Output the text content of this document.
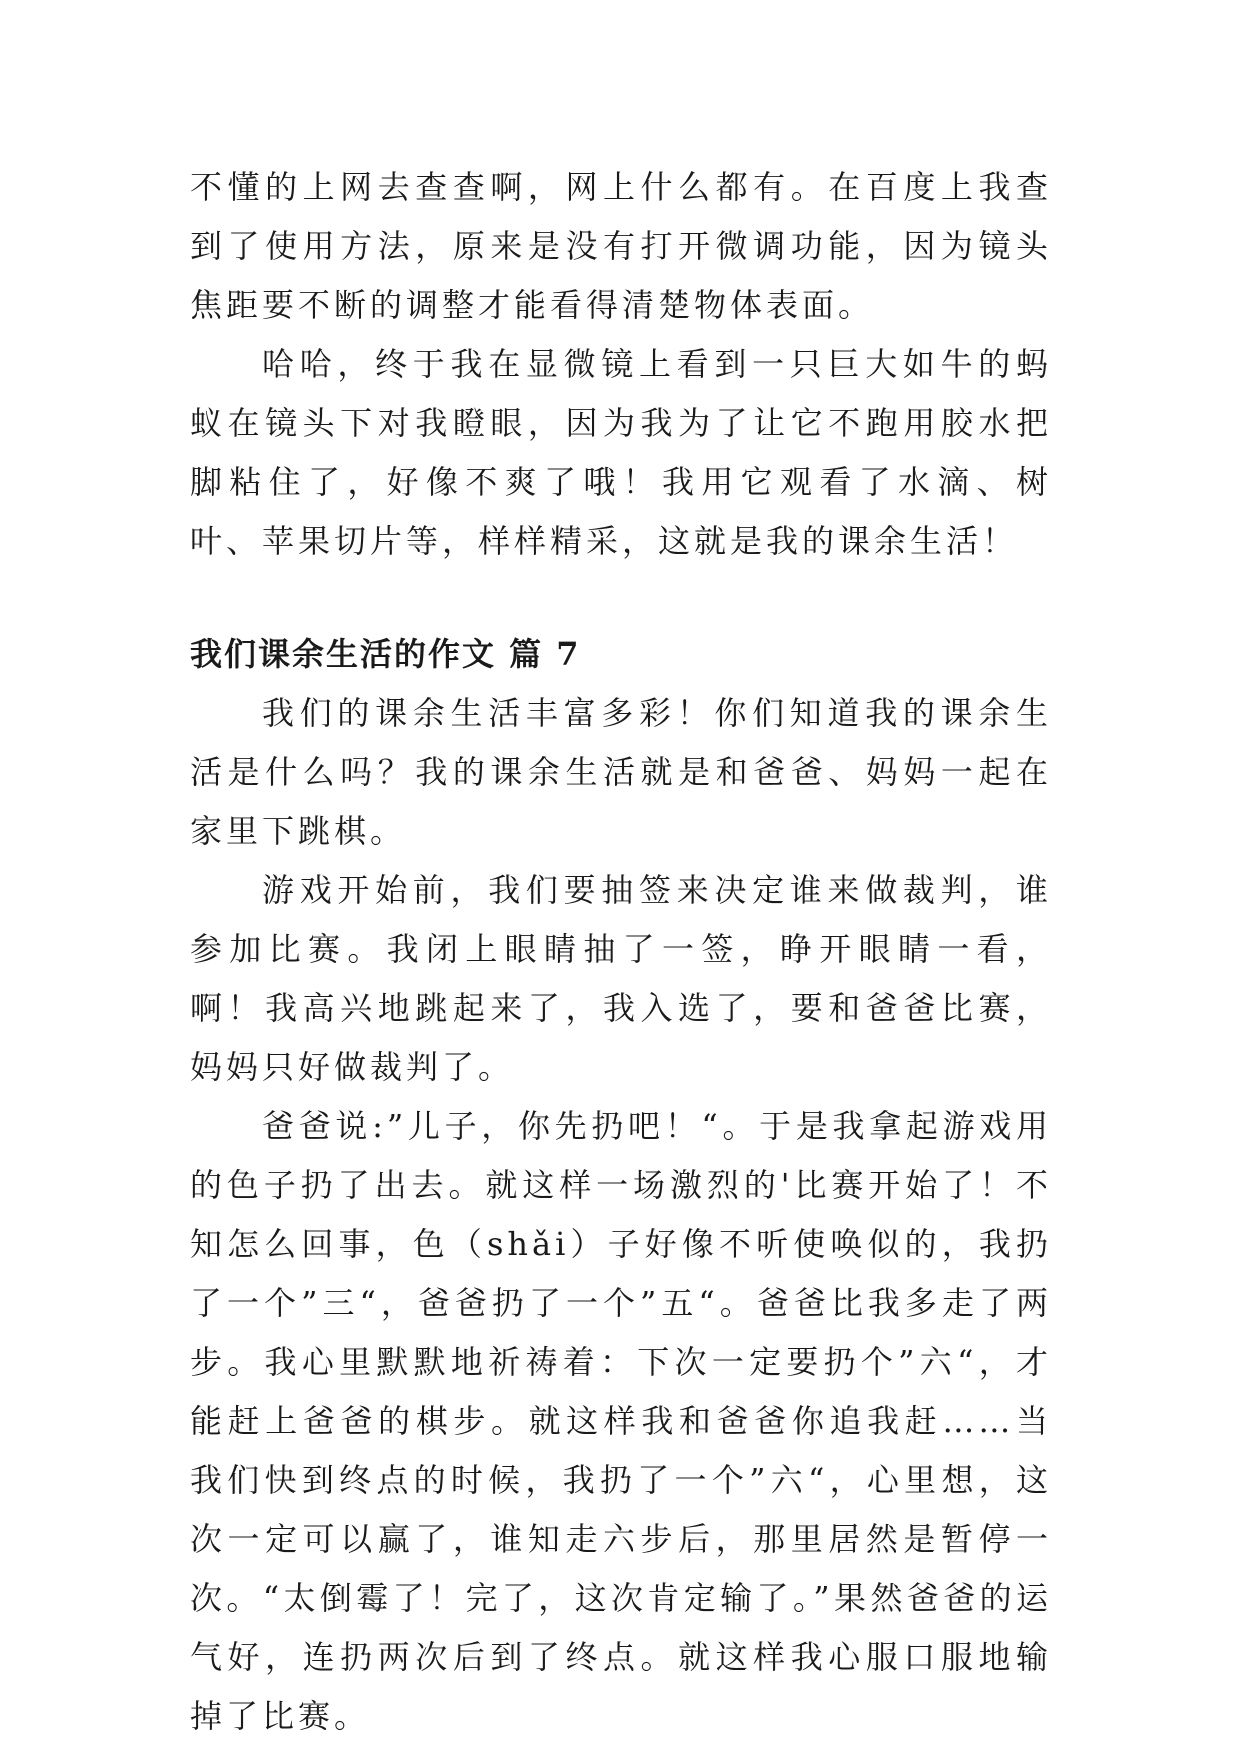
不懂的上网去查查啊，网上什么都有。在百度上我查到了使用方法，原来是没有打开微调功能，因为镜头焦距要不断的调整才能看得清楚物体表面。

哈哈，终于我在显微镜上看到一只巨大如牛的蚂蚁在镜头下对我瞪眼，因为我为了让它不跑用胶水把脚粘住了，好像不爽了哦！我用它观看了水滴、树叶、苹果切片等，样样精采，这就是我的课余生活！

我们课余生活的作文 篇 7

我们的课余生活丰富多彩！你们知道我的课余生活是什么吗？我的课余生活就是和爸爸、妈妈一起在家里下跳棋。

游戏开始前，我们要抽签来决定谁来做裁判，谁参加比赛。我闭上眼睛抽了一签，睁开眼睛一看，啊！我高兴地跳起来了，我入选了，要和爸爸比赛，妈妈只好做裁判了。

爸爸说:”儿子，你先扔吧！“。于是我拿起游戏用的色子扔了出去。就这样一场激烈的'比赛开始了！不知怎么回事，色（shǎi）子好像不听使唤似的，我扔了一个”三“，爸爸扔了一个”五“。爸爸比我多走了两步。我心里默默地祈祷着：下次一定要扔个”六“，才能赶上爸爸的棋步。就这样我和爸爸你追我赶……当我们快到终点的时候，我扔了一个”六“，心里想，这次一定可以赢了，谁知走六步后，那里居然是暂停一次。“太倒霉了！完了，这次肯定输了。”果然爸爸的运气好，连扔两次后到了终点。就这样我心服口服地输掉了比赛。
